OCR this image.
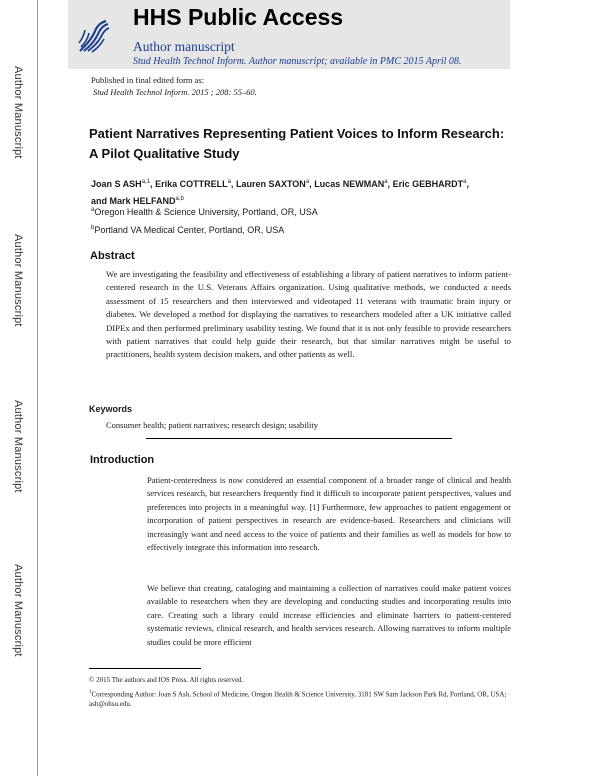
Author Manuscript
Author Manuscript
Author Manuscript
Author Manuscript
HHS Public Access
Author manuscript
Stud Health Technol Inform. Author manuscript; available in PMC 2015 April 08.
Published in final edited form as:
Stud Health Technol Inform. 2015 ; 208: 55–60.
Patient Narratives Representing Patient Voices to Inform Research: A Pilot Qualitative Study
Joan S ASH$^{a,1}$, Erika COTTRELL$^a$, Lauren SAXTON$^a$, Lucas NEWMAN$^a$, Eric GEBHARDT$^a$,
and Mark HELFAND$^{a,b}$
$^a$Oregon Health & Science University, Portland, OR, USA
$^b$Portland VA Medical Center, Portland, OR, USA
Abstract
We are investigating the feasibility and effectiveness of establishing a library of patient narratives to inform patient-centered research in the U.S. Veterans Affairs organization. Using qualitative methods, we conducted a needs assessment of 15 researchers and then interviewed and videotaped 11 veterans with traumatic brain injury or diabetes. We developed a method for displaying the narratives to researchers modeled after a UK initiative called DIPEx and then performed preliminary usability testing. We found that it is not only feasible to provide researchers with patient narratives that could help guide their research, but that similar narratives might be useful to practitioners, health system decision makers, and other patients as well.
Keywords
Consumer health; patient narratives; research design; usability
Introduction
Patient-centeredness is now considered an essential component of a broader range of clinical and health services research, but researchers frequently find it difficult to incorporate patient perspectives, values and preferences into projects in a meaningful way. [1] Furthermore, few approaches to patient engagement or incorporation of patient perspectives in research are evidence-based. Researchers and clinicians will increasingly want and need access to the voice of patients and their families as well as models for how to effectively integrate this information into research.
We believe that creating, cataloging and maintaining a collection of narratives could make patient voices available to researchers when they are developing and conducting studies and incorporating results into care. Creating such a library could increase efficiencies and eliminate barriers to patient-centered systematic reviews, clinical research, and health services research. Allowing narratives to inform multiple studies could be more efficient
© 2015 The authors and IOS Press. All rights reserved.
$^1$Corresponding Author: Joan S Ash, School of Medicine, Oregon Health & Science University, 3181 SW Sam Jackson Park Rd, Portland, OR, USA; ash@ohsu.edu.
